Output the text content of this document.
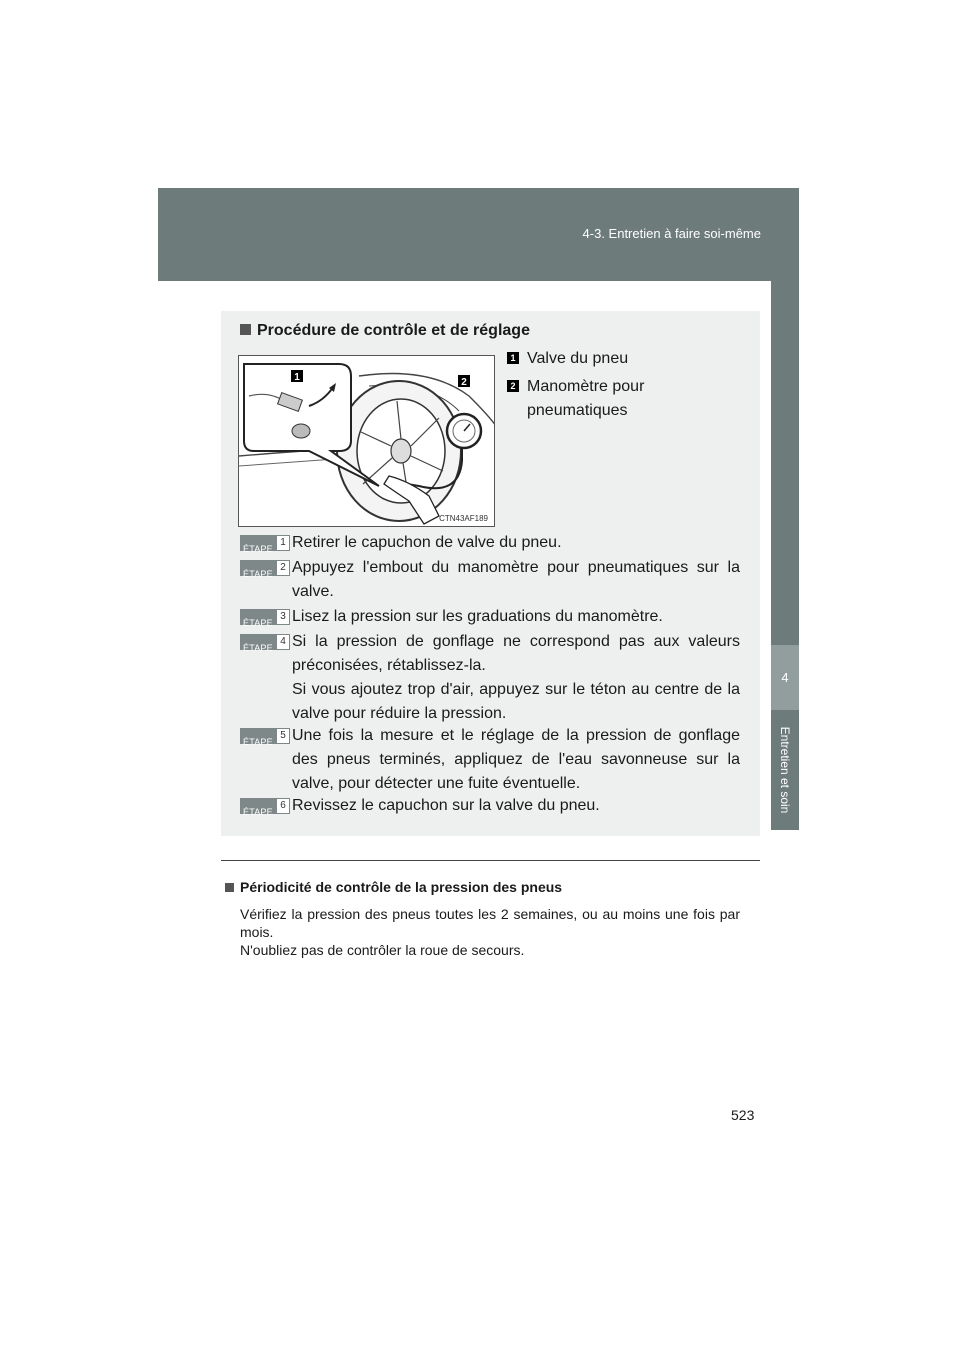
4-3. Entretien à faire soi-même
4
Entretien et soin
Procédure de contrôle et de réglage
1	2
CTN43AF189
1 Valve du pneu
2 Manomètre pour pneumatiques
ÉTAPE
1 Retirer le capuchon de valve du pneu.

ÉTAPE
2 Appuyez l'embout du manomètre pour pneumatiques sur la valve.

ÉTAPE
3 Lisez la pression sur les graduations du manomètre.

ÉTAPE
4 Si la pression de gonflage ne correspond pas aux valeurs préconisées, rétablissez-la.

Si vous ajoutez trop d'air, appuyez sur le téton au centre de la valve pour réduire la pression.

ÉTAPE
5 Une fois la mesure et le réglage de la pression de gonflage des pneus terminés, appliquez de l'eau savonneuse sur la valve, pour détecter une fuite éventuelle.

ÉTAPE
6 Revissez le capuchon sur la valve du pneu.

Périodicité de contrôle de la pression des pneus

Vérifiez la pression des pneus toutes les 2 semaines, ou au moins une fois par mois.

N'oubliez pas de contrôler la roue de secours.

523
